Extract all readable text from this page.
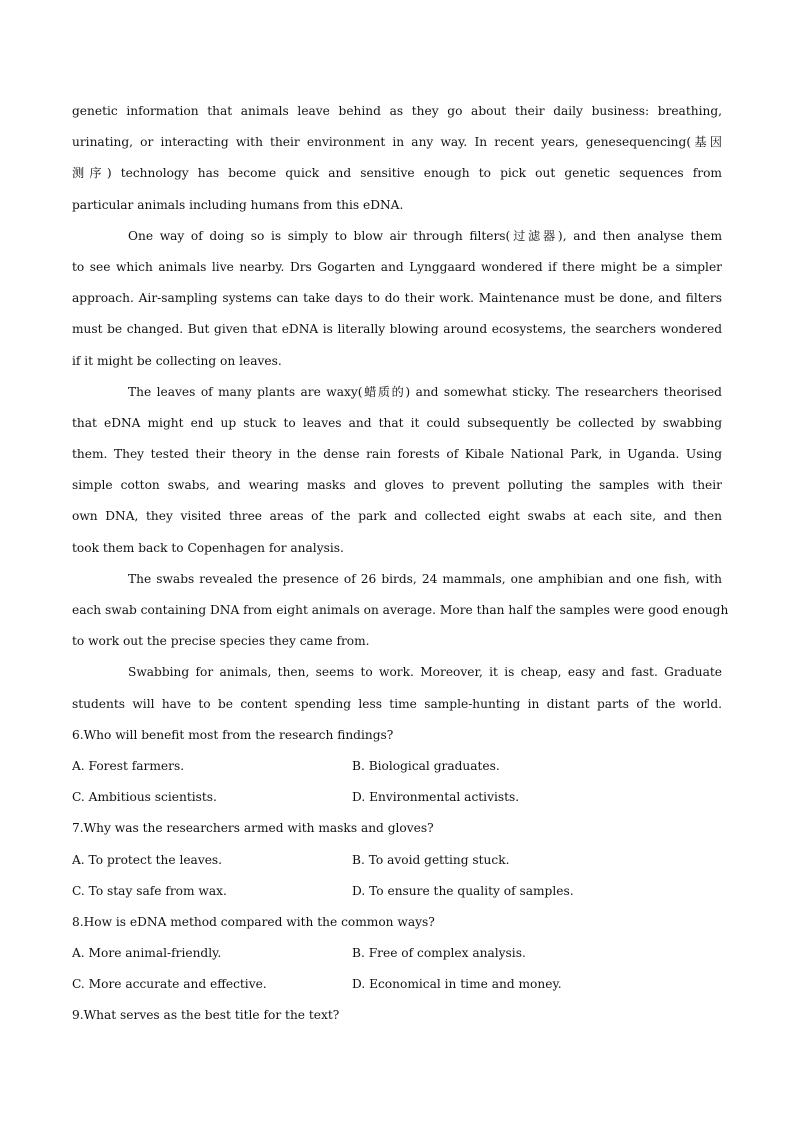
genetic information that animals leave behind as they go about their daily business: breathing,
urinating, or interacting with their environment in any way. In recent years, genesequencing(基因
测序) technology has become quick and sensitive enough to pick out genetic sequences from
particular animals including humans from this eDNA.
One way of doing so is simply to blow air through filters(过滤器), and then analyse them
to see which animals live nearby. Drs Gogarten and Lynggaard wondered if there might be a simpler
approach. Air-sampling systems can take days to do their work. Maintenance must be done, and filters
must be changed. But given that eDNA is literally blowing around ecosystems, the searchers wondered
if it might be collecting on leaves.
The leaves of many plants are waxy(蜡质的) and somewhat sticky. The researchers theorised
that eDNA might end up stuck to leaves and that it could subsequently be collected by swabbing
them. They tested their theory in the dense rain forests of Kibale National Park, in Uganda. Using
simple cotton swabs, and wearing masks and gloves to prevent polluting the samples with their
own DNA, they visited three areas of the park and collected eight swabs at each site, and then
took them back to Copenhagen for analysis.
The swabs revealed the presence of 26 birds, 24 mammals, one amphibian and one fish, with
each swab containing DNA from eight animals on average. More than half the samples were good enough
to work out the precise species they came from.
Swabbing for animals, then, seems to work. Moreover, it is cheap, easy and fast. Graduate
students will have to be content spending less time sample-hunting in distant parts of the world.
6.Who will benefit most from the research findings?
A. Forest farmers.	B. Biological graduates.
C. Ambitious scientists.	D. Environmental activists.
7.Why was the researchers armed with masks and gloves?
A. To protect the leaves.	B. To avoid getting stuck.
C. To stay safe from wax.	D. To ensure the quality of samples.
8.How is eDNA method compared with the common ways?
A. More animal-friendly.	B. Free of complex analysis.
C. More accurate and effective.	D. Economical in time and money.
9.What serves as the best title for the text?
